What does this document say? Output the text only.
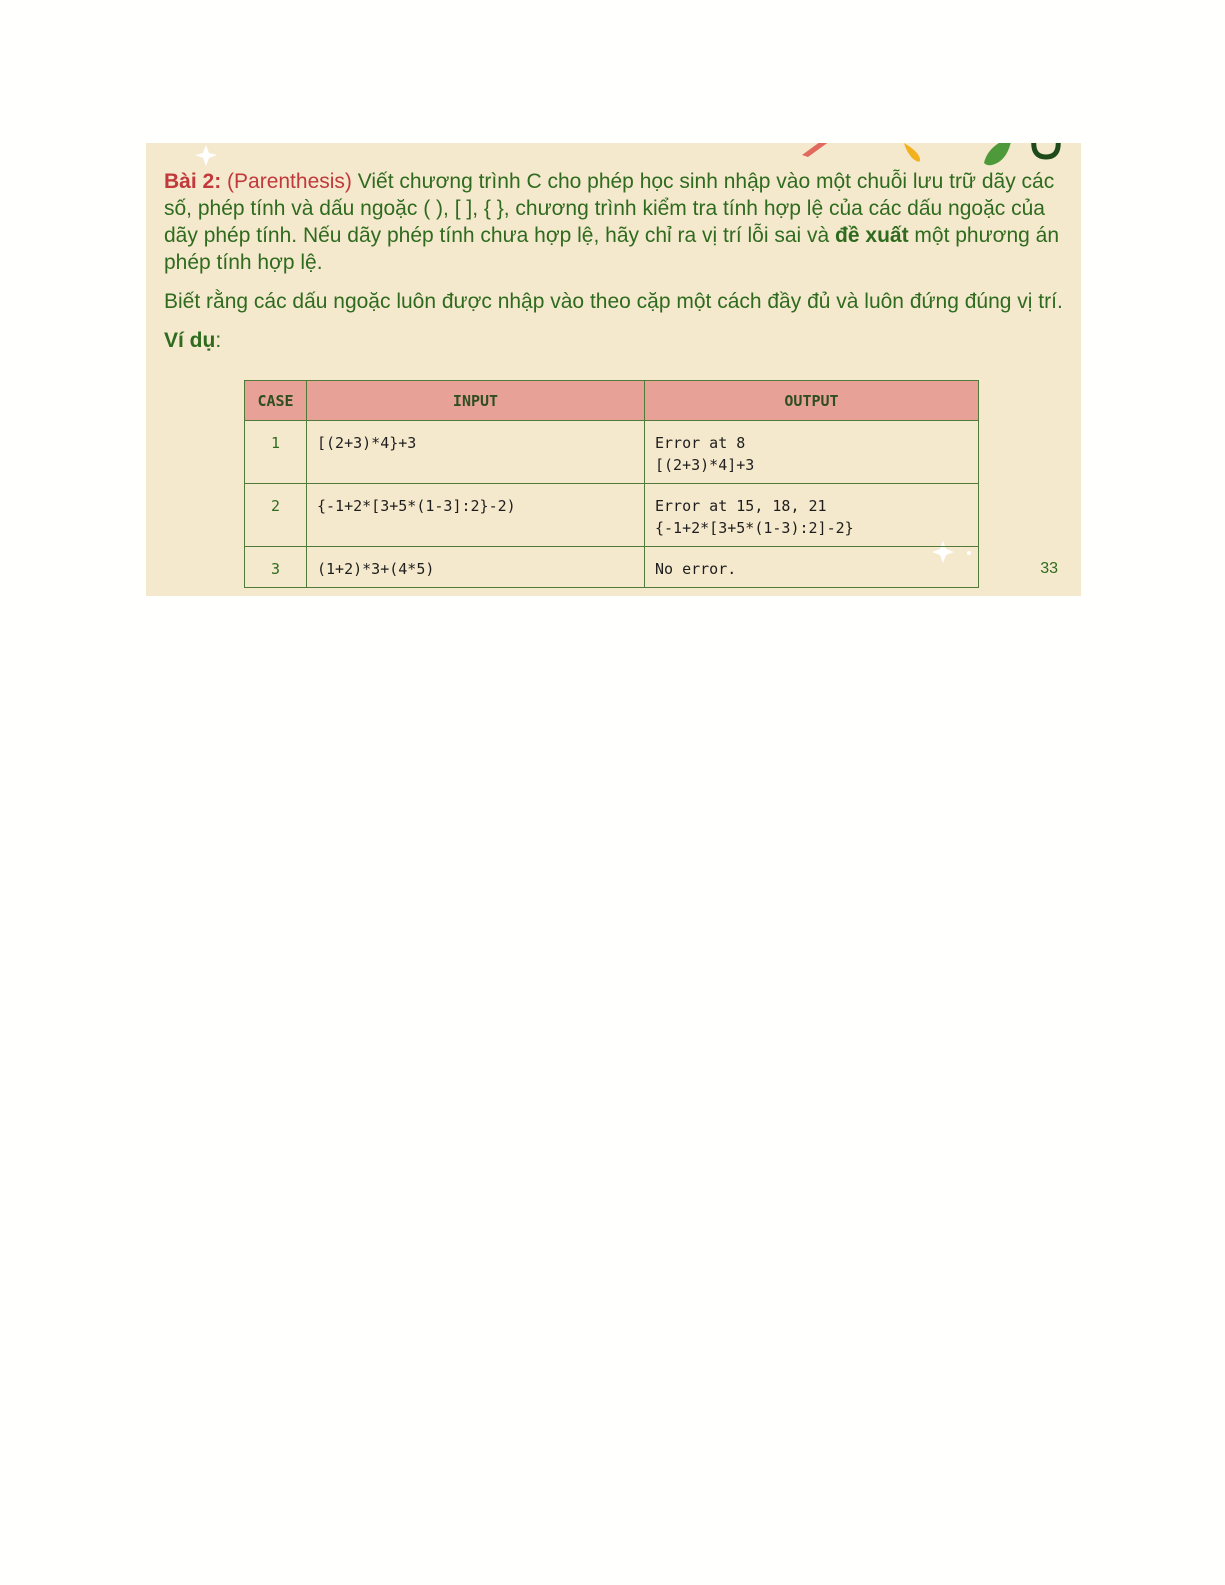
Bài 2: (Parenthesis) Viết chương trình C cho phép học sinh nhập vào một chuỗi lưu trữ dãy các số, phép tính và dấu ngoặc ( ), [ ], { }, chương trình kiểm tra tính hợp lệ của các dấu ngoặc của dãy phép tính. Nếu dãy phép tính chưa hợp lệ, hãy chỉ ra vị trí lỗi sai và đề xuất một phương án phép tính hợp lệ.

Biết rằng các dấu ngoặc luôn được nhập vào theo cặp một cách đầy đủ và luôn đứng đúng vị trí.

Ví dụ:

CASE	INPUT	OUTPUT
1	[(2+3)*4}+3	Error at 8
[(2+3)*4]+3

2	{-1+2*[3+5*(1-3]:2}-2)	Error at 15, 18, 21
{-1+2*[3+5*(1-3):2]-2}

3	(1+2)*3+(4*5)	No error.	33
